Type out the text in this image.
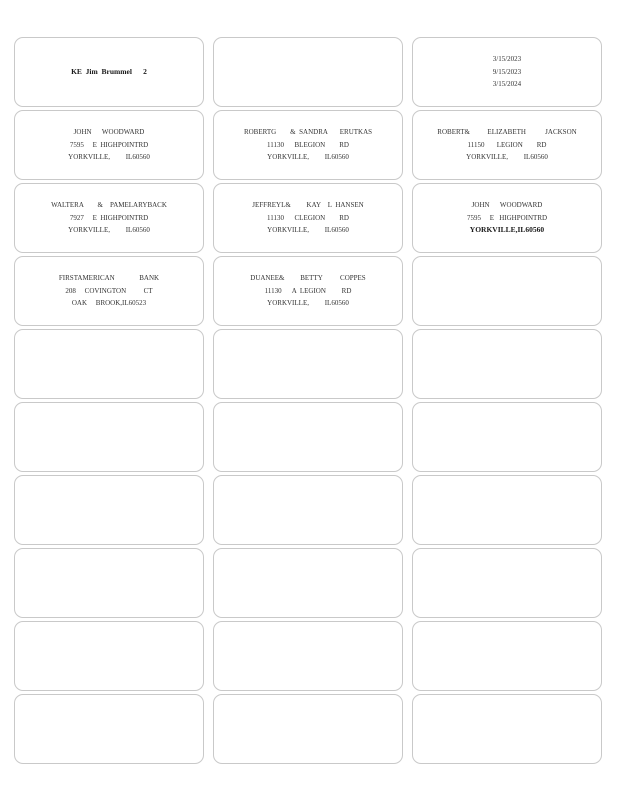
KE  Jim  Brummel      2
3/15/2023
9/15/2023
3/15/2024
JOHN      WOODWARD
7595     E  HIGHPOINTRD
YORKVILLE,         IL60560
ROBERTG        &  SANDRA       ERUTKAS
11130      BLEGION        RD
YORKVILLE,         IL60560
ROBERT&          ELIZABETH           JACKSON
11150       LEGION        RD
YORKVILLE,         IL60560
WALTERA        &    PAMELARYBACK
7927     E  HIGHPOINTRD
YORKVILLE,         IL60560
JEFFREYL&         KAY    L  HANSEN
11130      CLEGION        RD
YORKVILLE,         IL60560
JOHN      WOODWARD
7595     E   HIGHPOINTRD
YORKVILLE,IL60560
FIRSTAMERICAN              BANK
208     COVINGTON          CT
OAK     BROOK,IL60523
DUANEE&         BETTY          COPPES
11130      A  LEGION         RD
YORKVILLE,         IL60560
